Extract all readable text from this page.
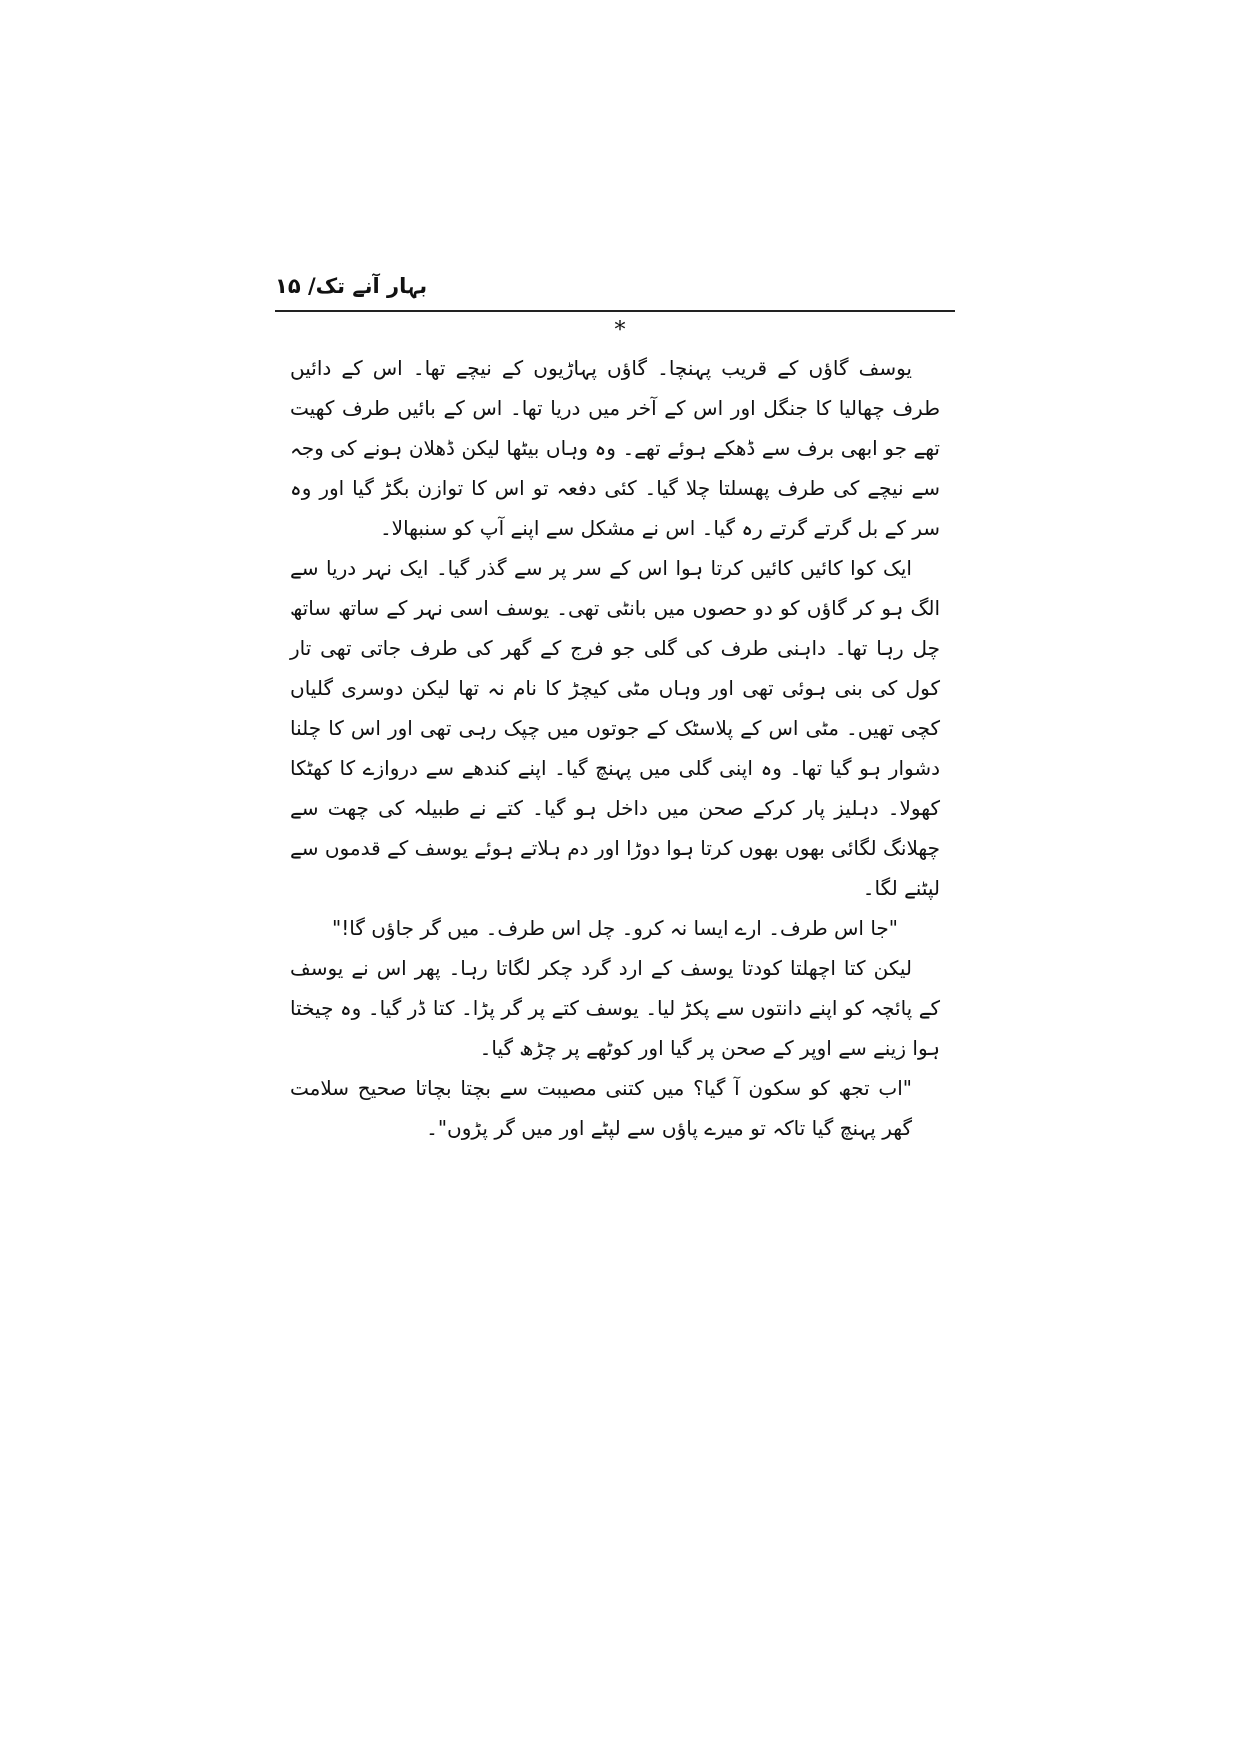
بہار آنے تک/ ۱۵
*

یوسف گاؤں کے قریب پہنچا۔ گاؤں پہاڑیوں کے نیچے تھا۔ اس کے دائیں طرف چھالیا کا جنگل اور اس کے آخر میں دریا تھا۔ اس کے بائیں طرف کھیت تھے جو ابھی برف سے ڈھکے ہوئے تھے۔ وہ وہاں بیٹھا لیکن ڈھلان ہونے کی وجہ سے نیچے کی طرف پھسلتا چلا گیا۔ کئی دفعہ تو اس کا توازن بگڑ گیا اور وہ سر کے بل گرتے گرتے رہ گیا۔ اس نے مشکل سے اپنے آپ کو سنبھالا۔

ایک کوا کائیں کائیں کرتا ہوا اس کے سر پر سے گذر گیا۔ ایک نہر دریا سے الگ ہو کر گاؤں کو دو حصوں میں بانٹی تھی۔ یوسف اسی نہر کے ساتھ ساتھ چل رہا تھا۔ داہنی طرف کی گلی جو فرج کے گھر کی طرف جاتی تھی تار کول کی بنی ہوئی تھی اور وہاں مٹی کیچڑ کا نام نہ تھا لیکن دوسری گلیاں کچی تھیں۔ مٹی اس کے پلاسٹک کے جوتوں میں چپک رہی تھی اور اس کا چلنا دشوار ہو گیا تھا۔ وہ اپنی گلی میں پہنچ گیا۔ اپنے کندھے سے دروازے کا کھٹکا کھولا۔ دہلیز پار کرکے صحن میں داخل ہو گیا۔ کتے نے طبیلہ کی چھت سے چھلانگ لگائی بھوں بھوں کرتا ہوا دوڑا اور دم ہلاتے ہوئے یوسف کے قدموں سے لپٹنے لگا۔

"جا اس طرف۔ ارے ایسا نہ کرو۔ چل اس طرف۔ میں گر جاؤں گا!"

لیکن کتا اچھلتا کودتا یوسف کے ارد گرد چکر لگاتا رہا۔ پھر اس نے یوسف کے پائچہ کو اپنے دانتوں سے پکڑ لیا۔ یوسف کتے پر گر پڑا۔ کتا ڈر گیا۔ وہ چیختا ہوا زینے سے اوپر کے صحن پر گیا اور کوٹھے پر چڑھ گیا۔

"اب تجھ کو سکون آ گیا؟ میں کتنی مصیبت سے بچتا بچاتا صحیح سلامت گھر پہنچ گیا تاکہ تو میرے پاؤں سے لپٹے اور میں گر پڑوں"۔
